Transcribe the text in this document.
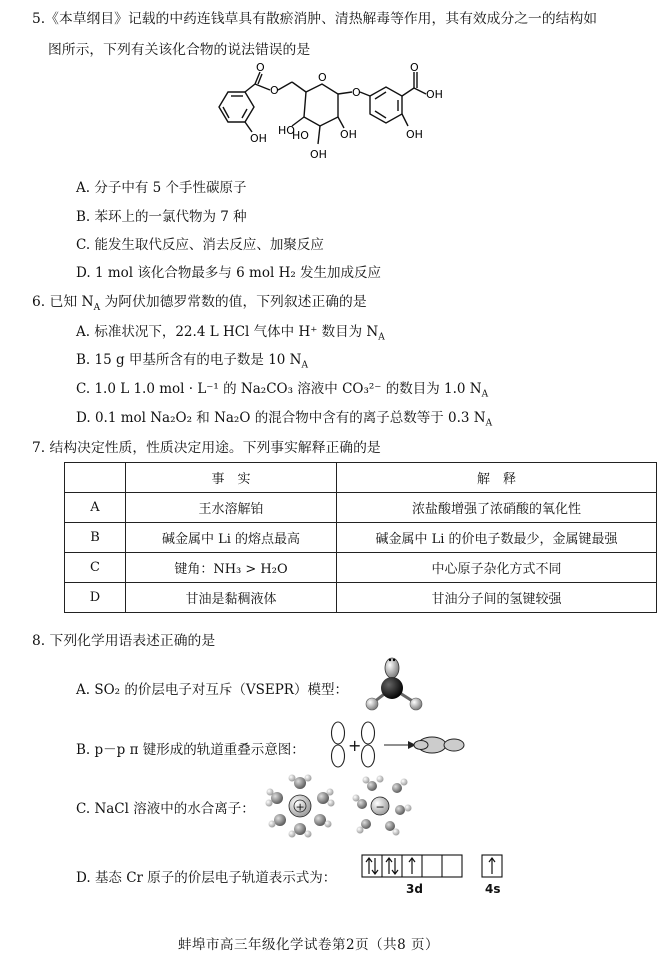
5.《本草纲目》记载的中药连钱草具有散瘀消肿、清热解毒等作用，其有效成分之一的结构如
图所示，下列有关该化合物的说法错误的是
O
O
OH
HO
O
O
OH
HO
OH
OH
O
OH
A. 分子中有 5 个手性碳原子
B. 苯环上的一氯代物为 7 种
C. 能发生取代反应、消去反应、加聚反应
D. 1 mol 该化合物最多与 6 mol H₂ 发生加成反应
6. 已知 $N_A$ 为阿伏加德罗常数的值，下列叙述正确的是
A. 标准状况下，22.4 L HCl 气体中 H⁺ 数目为 $N_A$
B. 15 g 甲基所含有的电子数是 10 $N_A$
C. 1.0 L 1.0 mol · L⁻¹ 的 Na₂CO₃ 溶液中 CO₃²⁻ 的数目为 1.0 $N_A$
D. 0.1 mol Na₂O₂ 和 Na₂O 的混合物中含有的离子总数等于 0.3 $N_A$
7. 结构决定性质，性质决定用途。下列事实解释正确的是
	事　实	解　释
A	王水溶解铂	浓盐酸增强了浓硝酸的氧化性
B	碱金属中 Li 的熔点最高	碱金属中 Li 的价电子数最少，金属键最强
C	键角：NH₃ > H₂O	中心原子杂化方式不同
D	甘油是黏稠液体	甘油分子间的氢键较强
8. 下列化学用语表述正确的是
A. SO₂ 的价层电子对互斥（VSEPR）模型：
B. p－p π 键形成的轨道重叠示意图：	+
C. NaCl 溶液中的水合离子：	+	−
D. 基态 Cr 原子的价层电子轨道表示式为：
3d	4s
蚌埠市高三年级化学试卷第2页（共8 页）
